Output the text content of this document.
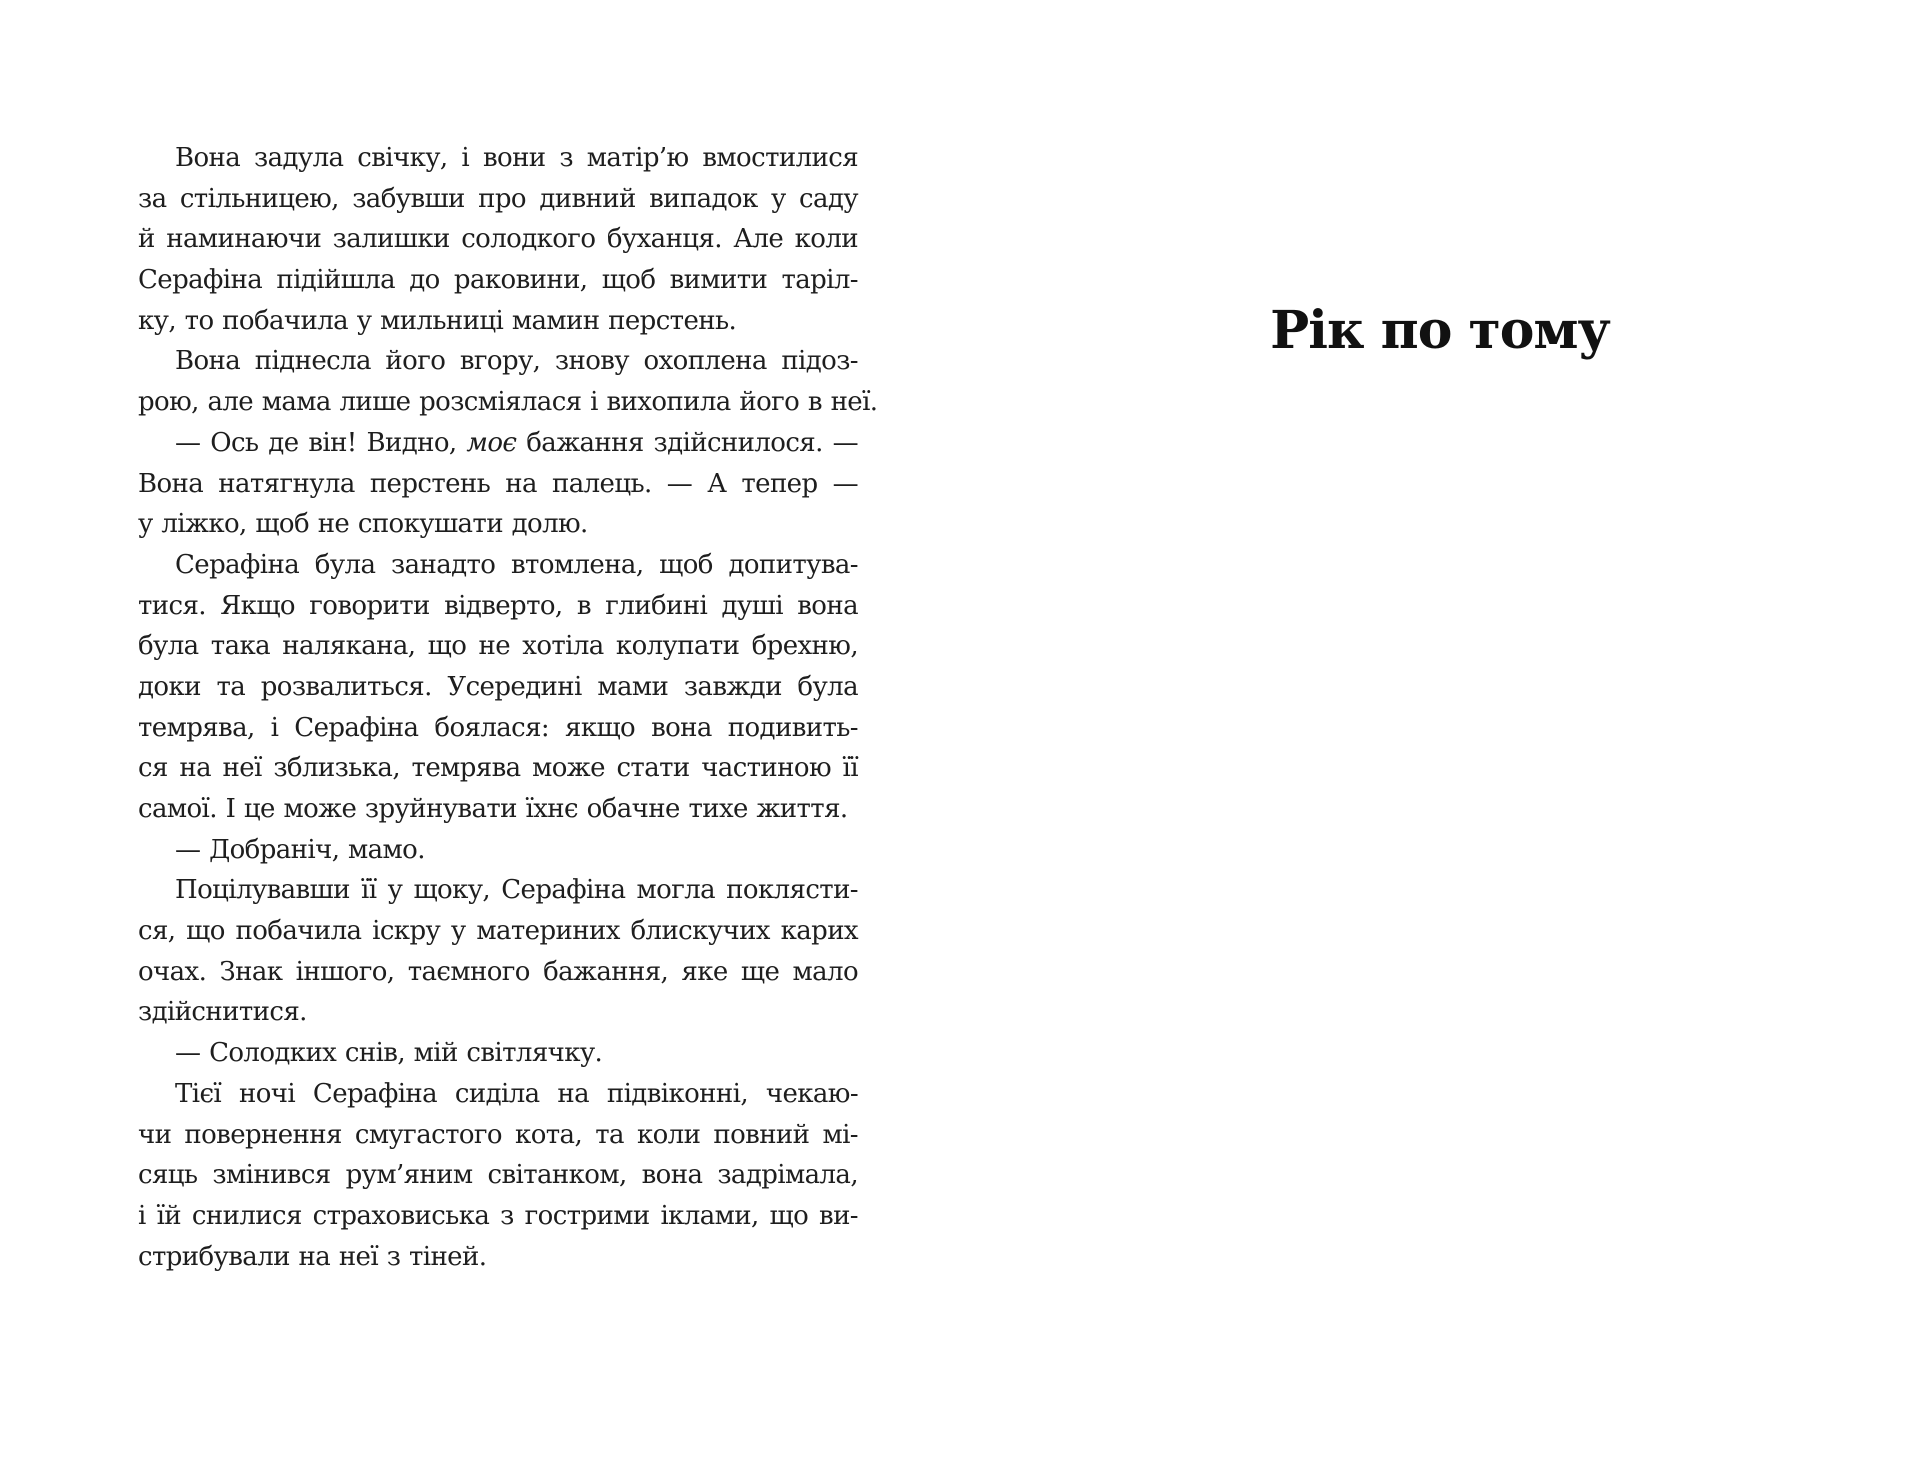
Вона задула свічку, і вони з матір’ю вмостилися
за стільницею, забувши про дивний випадок у саду
й наминаючи залишки солодкого буханця. Але коли
Серафіна підійшла до раковини, щоб вимити таріл-
ку, то побачила у мильниці мамин перстень.
Вона піднесла його вгору, знову охоплена підоз-
рою, але мама лише розсміялася і вихопила його в неї.
— Ось де він! Видно, моє бажання здійснилося. —
Вона натягнула перстень на палець. — А тепер —
у ліжко, щоб не спокушати долю.
Серафіна була занадто втомлена, щоб допитува-
тися. Якщо говорити відверто, в глибині душі вона
була така налякана, що не хотіла колупати брехню,
доки та розвалиться. Усередині мами завжди була
темрява, і Серафіна боялася: якщо вона подивить-
ся на неї зблизька, темрява може стати частиною її
самої. І це може зруйнувати їхнє обачне тихе життя.
— Добраніч, мамо.
Поцілувавши її у щоку, Серафіна могла поклясти-
ся, що побачила іскру у материних блискучих карих
очах. Знак іншого, таємного бажання, яке ще мало
здійснитися.
— Солодких снів, мій світлячку.
Тієї ночі Серафіна сиділа на підвіконні, чекаю-
чи повернення смугастого кота, та коли повний мі-
сяць змінився рум’яним світанком, вона задрімала,
і їй снилися страховиська з гострими іклами, що ви-
стрибували на неї з тіней.
Рік по тому
